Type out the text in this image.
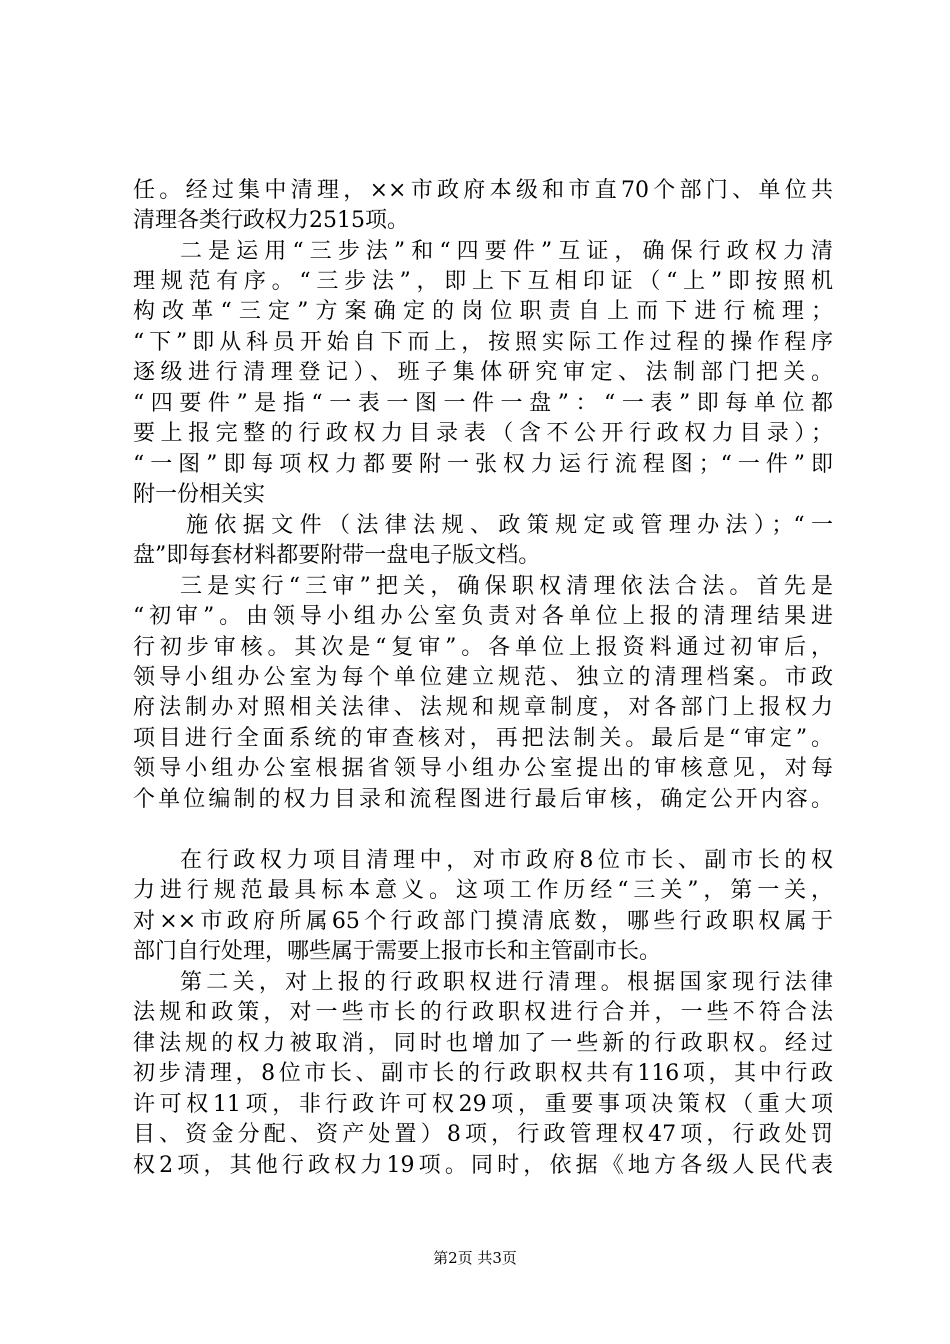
任。经过集中清理，××市政府本级和市直70个部门、单位共
清理各类行政权力2515项。
二是运用“三步法”和“四要件”互证，确保行政权力清
理规范有序。“三步法”，即上下互相印证（“上”即按照机
构改革“三定”方案确定的岗位职责自上而下进行梳理；
“下”即从科员开始自下而上，按照实际工作过程的操作程序
逐级进行清理登记）、班子集体研究审定、法制部门把关。
“四要件”是指“一表一图一件一盘”：“一表”即每单位都
要上报完整的行政权力目录表（含不公开行政权力目录）；
“一图”即每项权力都要附一张权力运行流程图；“一件”即
附一份相关实
施依据文件（法律法规、政策规定或管理办法）；“一
盘”即每套材料都要附带一盘电子版文档。
三是实行“三审”把关，确保职权清理依法合法。首先是
“初审”。由领导小组办公室负责对各单位上报的清理结果进
行初步审核。其次是“复审”。各单位上报资料通过初审后，
领导小组办公室为每个单位建立规范、独立的清理档案。市政
府法制办对照相关法律、法规和规章制度，对各部门上报权力
项目进行全面系统的审查核对，再把法制关。最后是“审定”。
领导小组办公室根据省领导小组办公室提出的审核意见，对每
个单位编制的权力目录和流程图进行最后审核，确定公开内容。
在行政权力项目清理中，对市政府8位市长、副市长的权
力进行规范最具标本意义。这项工作历经“三关”，第一关，
对××市政府所属65个行政部门摸清底数，哪些行政职权属于
部门自行处理，哪些属于需要上报市长和主管副市长。
第二关，对上报的行政职权进行清理。根据国家现行法律
法规和政策，对一些市长的行政职权进行合并，一些不符合法
律法规的权力被取消，同时也增加了一些新的行政职权。经过
初步清理，8位市长、副市长的行政职权共有116项，其中行政
许可权11项，非行政许可权29项，重要事项决策权（重大项
目、资金分配、资产处置）8项，行政管理权47项，行政处罚
权2项，其他行政权力19项。同时，依据《地方各级人民代表
第2页 共3页
